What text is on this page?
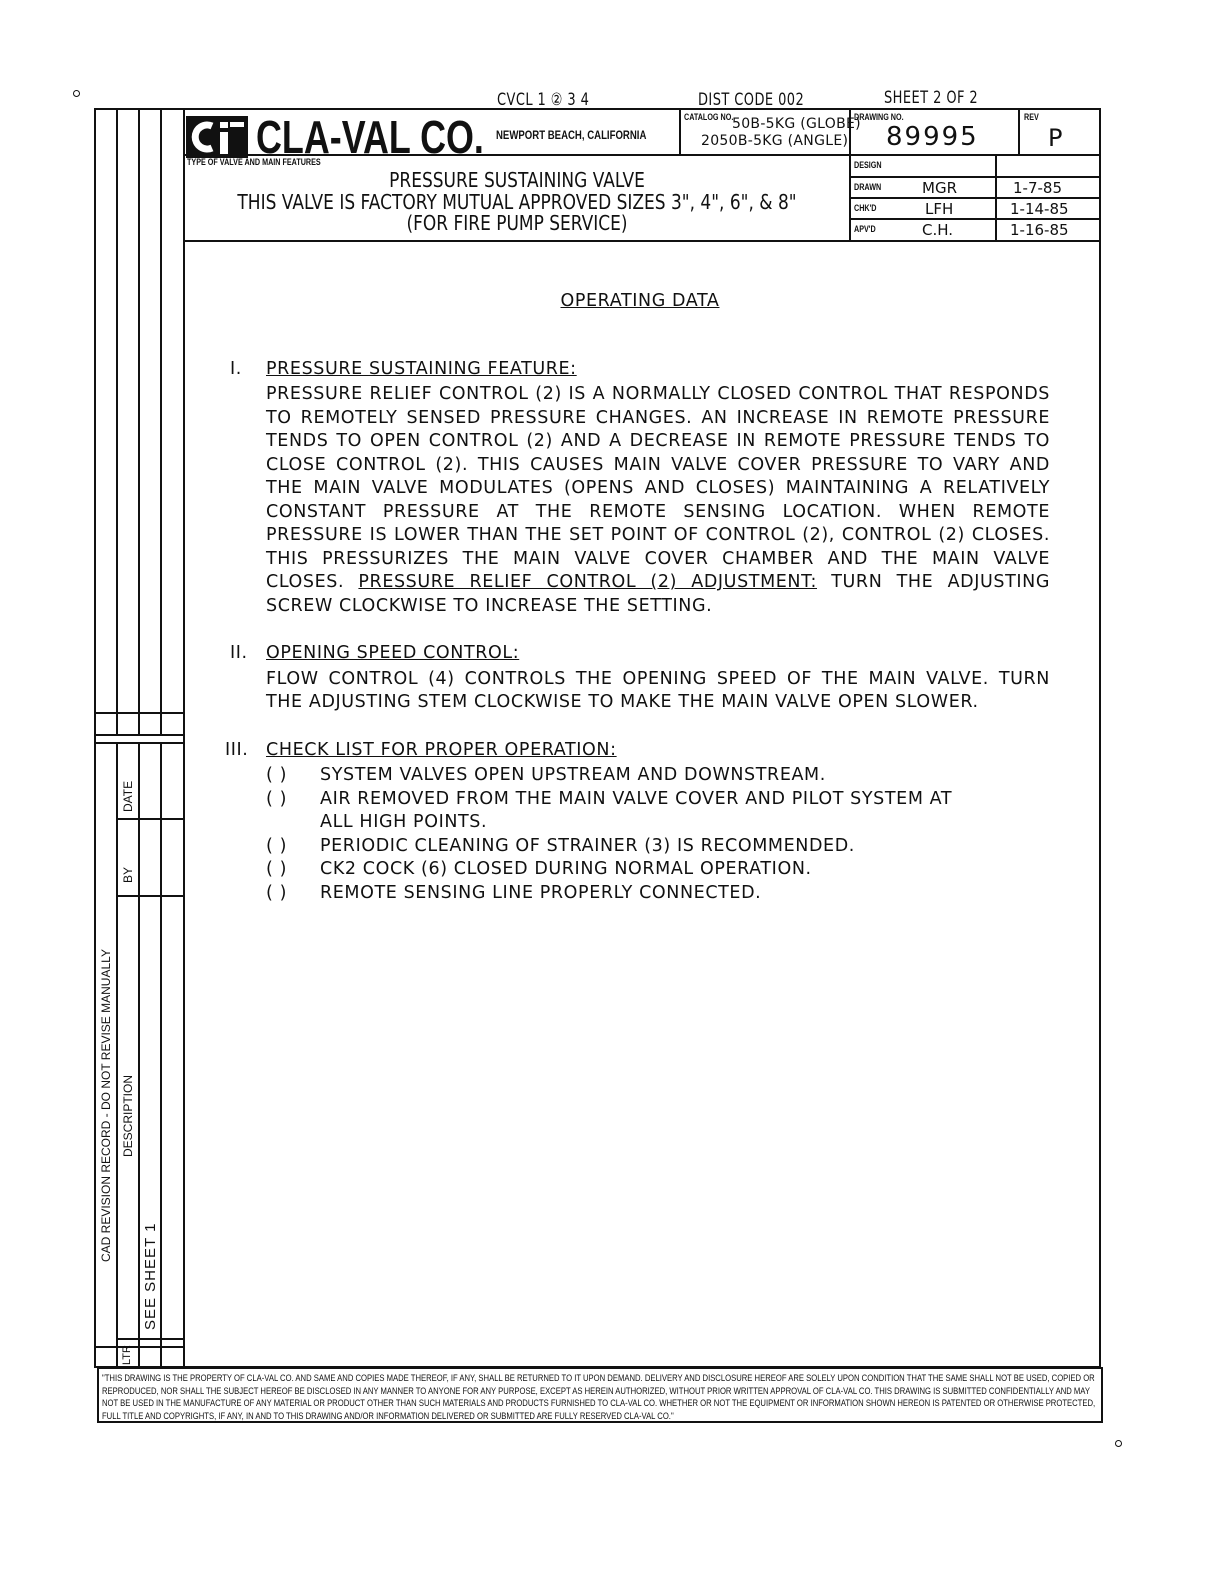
CVCL 1 ② 3 4	DIST CODE 002	SHEET 2 OF 2
CLA-VAL CO. NEWPORT BEACH, CALIFORNIA
CATALOG NO.
50B-5KG (GLOBE)
2050B-5KG (ANGLE)
DRAWING NO.
89995
REV
P
TYPE OF VALVE AND MAIN FEATURES
PRESSURE SUSTAINING VALVE
THIS VALVE IS FACTORY MUTUAL APPROVED SIZES 3", 4", 6", & 8"
(FOR FIRE PUMP SERVICE)
DESIGN
DRAWN	MGR	1-7-85
CHK'D	LFH	1-14-85
APV'D	C.H.	1-16-85
CAD REVISION RECORD - DO NOT REVISE MANUALLY
LTR
DESCRIPTION
SEE SHEET 1
BY
DATE
OPERATING DATA
I. PRESSURE SUSTAINING FEATURE:
PRESSURE RELIEF CONTROL (2) IS A NORMALLY CLOSED CONTROL THAT RESPONDS TO REMOTELY SENSED PRESSURE CHANGES. AN INCREASE IN REMOTE PRESSURE TENDS TO OPEN CONTROL (2) AND A DECREASE IN REMOTE PRESSURE TENDS TO CLOSE CONTROL (2). THIS CAUSES MAIN VALVE COVER PRESSURE TO VARY AND THE MAIN VALVE MODULATES (OPENS AND CLOSES) MAINTAINING A RELATIVELY CONSTANT PRESSURE AT THE REMOTE SENSING LOCATION. WHEN REMOTE PRESSURE IS LOWER THAN THE SET POINT OF CONTROL (2), CONTROL (2) CLOSES. THIS PRESSURIZES THE MAIN VALVE COVER CHAMBER AND THE MAIN VALVE CLOSES. PRESSURE RELIEF CONTROL (2) ADJUSTMENT: TURN THE ADJUSTING SCREW CLOCKWISE TO INCREASE THE SETTING.
II. OPENING SPEED CONTROL:
FLOW CONTROL (4) CONTROLS THE OPENING SPEED OF THE MAIN VALVE. TURN THE ADJUSTING STEM CLOCKWISE TO MAKE THE MAIN VALVE OPEN SLOWER.
III. CHECK LIST FOR PROPER OPERATION:
( ) SYSTEM VALVES OPEN UPSTREAM AND DOWNSTREAM.
( ) AIR REMOVED FROM THE MAIN VALVE COVER AND PILOT SYSTEM AT ALL HIGH POINTS.
( ) PERIODIC CLEANING OF STRAINER (3) IS RECOMMENDED.
( ) CK2 COCK (6) CLOSED DURING NORMAL OPERATION.
( ) REMOTE SENSING LINE PROPERLY CONNECTED.
"THIS DRAWING IS THE PROPERTY OF CLA-VAL CO. AND SAME AND COPIES MADE THEREOF, IF ANY, SHALL BE RETURNED TO IT UPON DEMAND. DELIVERY AND DISCLOSURE HEREOF ARE SOLELY UPON CONDITION THAT THE SAME SHALL NOT BE USED, COPIED OR REPRODUCED, NOR SHALL THE SUBJECT HEREOF BE DISCLOSED IN ANY MANNER TO ANYONE FOR ANY PURPOSE, EXCEPT AS HEREIN AUTHORIZED, WITHOUT PRIOR WRITTEN APPROVAL OF CLA-VAL CO. THIS DRAWING IS SUBMITTED CONFIDENTIALLY AND MAY NOT BE USED IN THE MANUFACTURE OF ANY MATERIAL OR PRODUCT OTHER THAN SUCH MATERIALS AND PRODUCTS FURNISHED TO CLA-VAL CO. WHETHER OR NOT THE EQUIPMENT OR INFORMATION SHOWN HEREON IS PATENTED OR OTHERWISE PROTECTED, FULL TITLE AND COPYRIGHTS, IF ANY, IN AND TO THIS DRAWING AND/OR INFORMATION DELIVERED OR SUBMITTED ARE FULLY RESERVED CLA-VAL CO."
